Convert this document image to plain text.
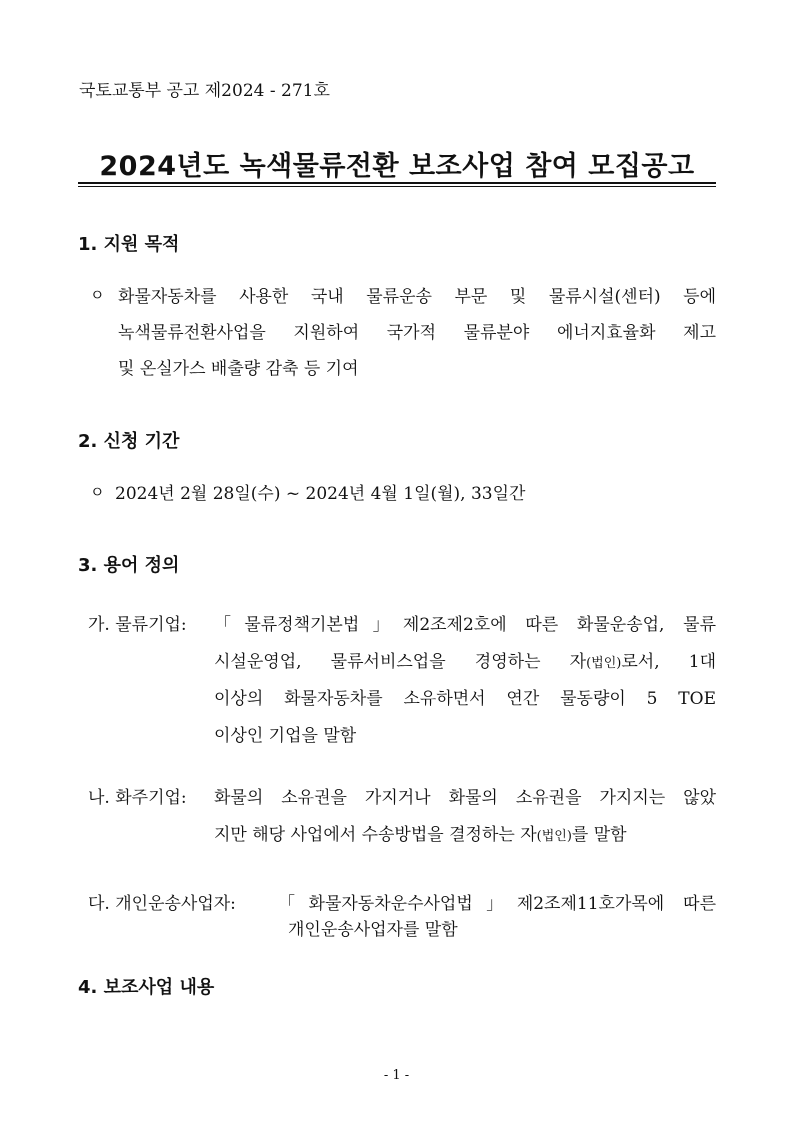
국토교통부 공고 제2024 - 271호
2024년도 녹색물류전환 보조사업 참여 모집공고
1. 지원 목적
ㅇ 화물자동차를 사용한 국내 물류운송 부문 및 물류시설(센터) 등에
녹색물류전환사업을 지원하여 국가적 물류분야 에너지효율화 제고
및 온실가스 배출량 감축 등 기여
2. 신청 기간
ㅇ 2024년 2월 28일(수) ~ 2024년 4월 1일(월), 33일간
3. 용어 정의
가. 물류기업: 「물류정책기본법」제2조제2호에 따른 화물운송업, 물류
시설운영업, 물류서비스업을 경영하는 자(법인)로서, 1대
이상의 화물자동차를 소유하면서 연간 물동량이 5 TOE
이상인 기업을 말함
나. 화주기업: 화물의 소유권을 가지거나 화물의 소유권을 가지지는 않았
지만 해당 사업에서 수송방법을 결정하는 자(법인)를 말함
다. 개인운송사업자: 「화물자동차운수사업법」제2조제11호가목에 따른
개인운송사업자를 말함
4. 보조사업 내용
- 1 -
